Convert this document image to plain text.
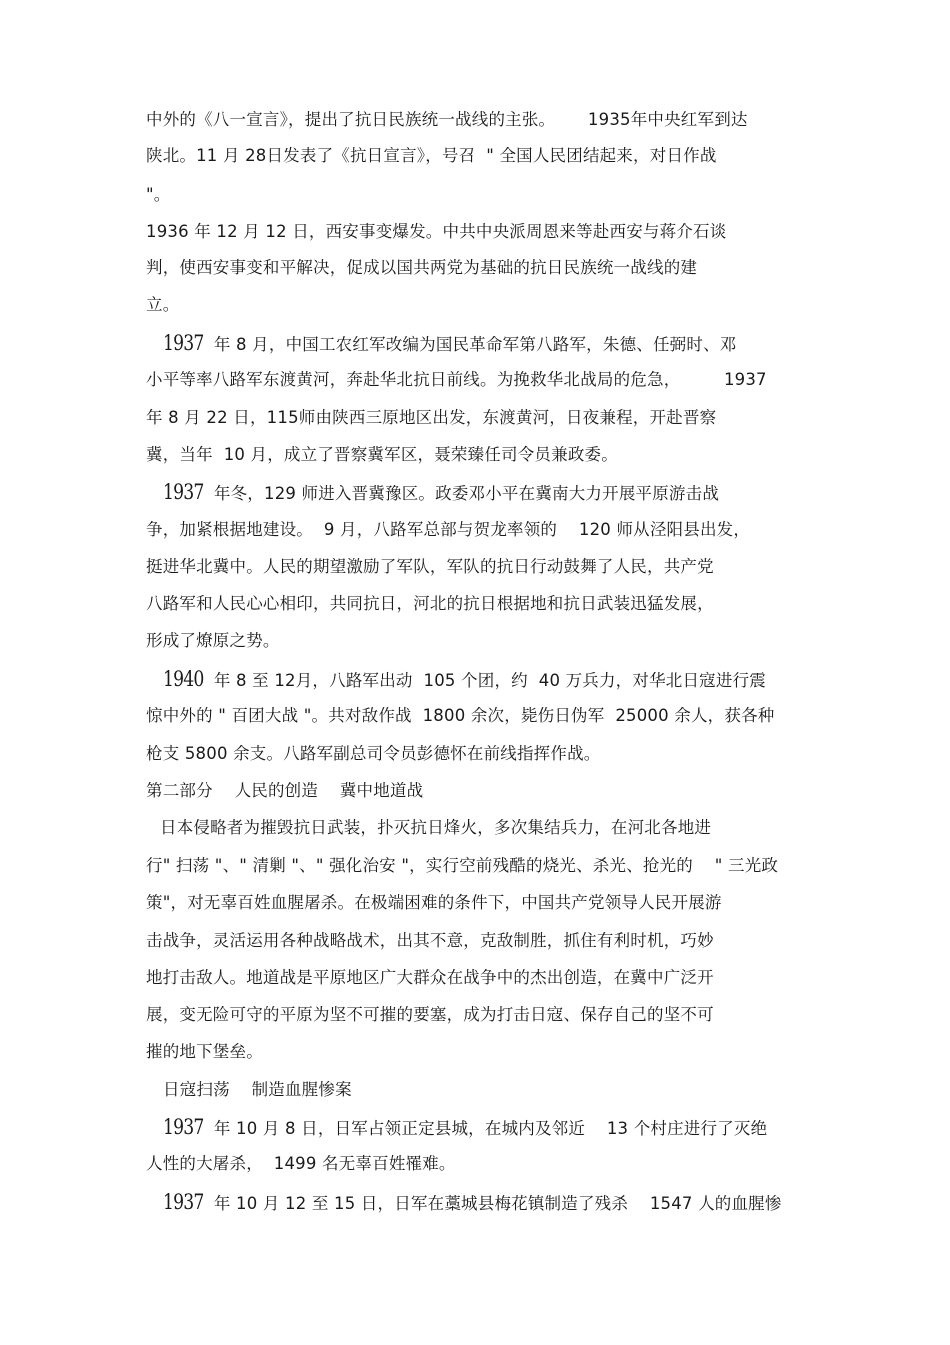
中外的《八一宣言》，提出了抗日民族统一战线的主张。      1935年中央红军到达
陕北。11 月 28日发表了《抗日宣言》，号召  " 全国人民团结起来，对日作战
"。
1936 年 12 月 12 日，西安事变爆发。中共中央派周恩来等赴西安与蒋介石谈
判，使西安事变和平解决，促成以国共两党为基础的抗日民族统一战线的建
立。
1937 年 8 月，中国工农红军改编为国民革命军第八路军，朱德、任弼时、邓
小平等率八路军东渡黄河，奔赴华北抗日前线。为挽救华北战局的危急，        1937
年 8 月 22 日，115师由陕西三原地区出发，东渡黄河，日夜兼程，开赴晋察
冀，当年  10 月，成立了晋察冀军区，聂荣臻任司令员兼政委。
1937 年冬，129 师进入晋冀豫区。政委邓小平在冀南大力开展平原游击战
争，加紧根据地建设。  9 月，八路军总部与贺龙率领的    120 师从泾阳县出发，
挺进华北冀中。人民的期望激励了军队，军队的抗日行动鼓舞了人民，共产党
八路军和人民心心相印，共同抗日，河北的抗日根据地和抗日武装迅猛发展，
形成了燎原之势。
1940 年 8 至 12月，八路军出动  105 个团，约  40 万兵力，对华北日寇进行震
惊中外的 " 百团大战 "。共对敌作战  1800 余次，毙伤日伪军  25000 余人，获各种
枪支 5800 余支。八路军副总司令员彭德怀在前线指挥作战。
第二部分    人民的创造    冀中地道战
日本侵略者为摧毁抗日武装，扑灭抗日烽火，多次集结兵力，在河北各地进
行" 扫荡 "、" 清剿 "、" 强化治安 "，实行空前残酷的烧光、杀光、抢光的    " 三光政
策"，对无辜百姓血腥屠杀。在极端困难的条件下，中国共产党领导人民开展游
击战争，灵活运用各种战略战术，出其不意，克敌制胜，抓住有利时机，巧妙
地打击敌人。地道战是平原地区广大群众在战争中的杰出创造，在冀中广泛开
展，变无险可守的平原为坚不可摧的要塞，成为打击日寇、保存自己的坚不可
摧的地下堡垒。
日寇扫荡    制造血腥惨案
1937 年 10 月 8 日，日军占领正定县城，在城内及邻近    13 个村庄进行了灭绝
人性的大屠杀，  1499 名无辜百姓罹难。
1937 年 10 月 12 至 15 日，日军在藁城县梅花镇制造了残杀    1547 人的血腥惨
